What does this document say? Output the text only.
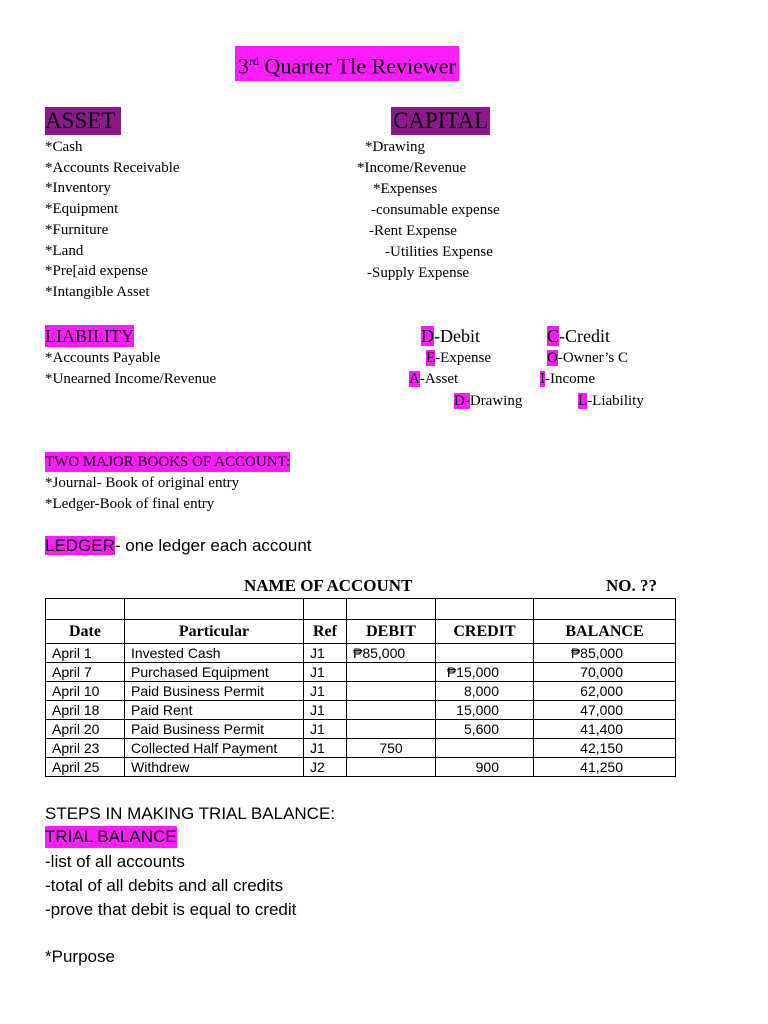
3rd Quarter Tle Reviewer
ASSET
*Cash
*Accounts Receivable
*Inventory
*Equipment
*Furniture
*Land
*Pre[aid expense
*Intangible Asset
CAPITAL
*Drawing
*Income/Revenue
*Expenses
-consumable expense
-Rent Expense
-Utilities Expense
-Supply Expense
LIABILITY
*Accounts Payable
*Unearned Income/Revenue
D-Debit	C-Credit
E-Expense	O-Owner’s C
A-Asset	I-Income
D-Drawing	L-Liability
TWO MAJOR BOOKS OF ACCOUNT:
*Journal- Book of original entry
*Ledger-Book of final entry
LEDGER- one ledger each account
NAME OF ACCOUNT	NO. ??

Date	Particular	Ref	DEBIT	CREDIT	BALANCE
April 1	Invested Cash	J1	₱85,000		₱85,000
April 7	Purchased Equipment	J1		₱15,000	70,000
April 10	Paid Business Permit	J1		8,000	62,000
April 18	Paid Rent	J1		15,000	47,000
April 20	Paid Business Permit	J1		5,600	41,400
April 23	Collected Half Payment	J1	750		42,150
April 25	Withdrew	J2		900	41,250
STEPS IN MAKING TRIAL BALANCE:
TRIAL BALANCE
-list of all accounts
-total of all debits and all credits
-prove that debit is equal to credit
*Purpose
